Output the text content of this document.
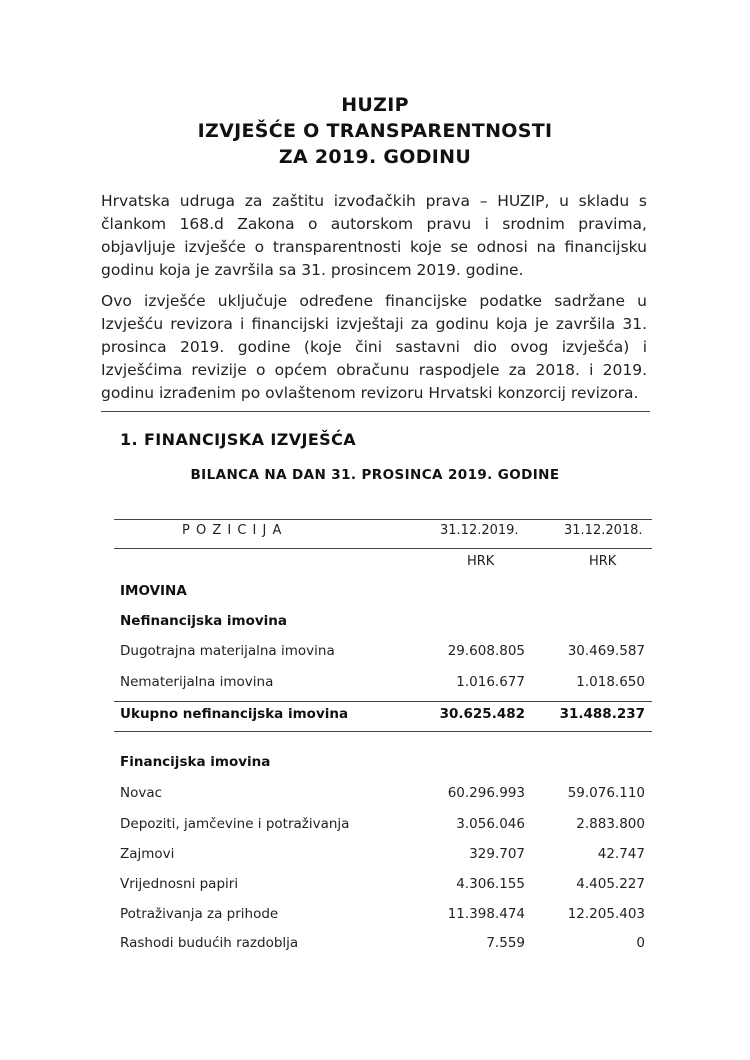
HUZIP
IZVJEŠĆE O TRANSPARENTNOSTI
ZA 2019. GODINU

Hrvatska udruga za zaštitu izvođačkih prava – HUZIP, u skladu s člankom 168.d Zakona o autorskom pravu i srodnim pravima, objavljuje izvješće o transparentnosti koje se odnosi na financijsku godinu koja je završila sa 31. prosincem 2019. godine.

Ovo izvješće uključuje određene financijske podatke sadržane u Izvješću revizora i financijski izvještaji za godinu koja je završila 31. prosinca 2019. godine (koje čini sastavni dio ovog izvješća) i Izvješćima revizije o općem obračunu raspodjele za 2018. i 2019. godinu izrađenim po ovlaštenom revizoru Hrvatski konzorcij revizora.

1. FINANCIJSKA IZVJEŠĆA
BILANCA NA DAN 31. PROSINCA 2019. GODINE
P O Z I C I J A	31.12.2019.	31.12.2018.
HRK	HRK
IMOVINA
Nefinancijska imovina
Dugotrajna materijalna imovina	29.608.805	30.469.587
Nematerijalna imovina	1.016.677	1.018.650
Ukupno nefinancijska imovina	30.625.482	31.488.237
Financijska imovina
Novac	60.296.993	59.076.110
Depoziti, jamčevine i potraživanja	3.056.046	2.883.800
Zajmovi	329.707	42.747
Vrijednosni papiri	4.306.155	4.405.227
Potraživanja za prihode	11.398.474	12.205.403
Rashodi budućih razdoblja	7.559	0
